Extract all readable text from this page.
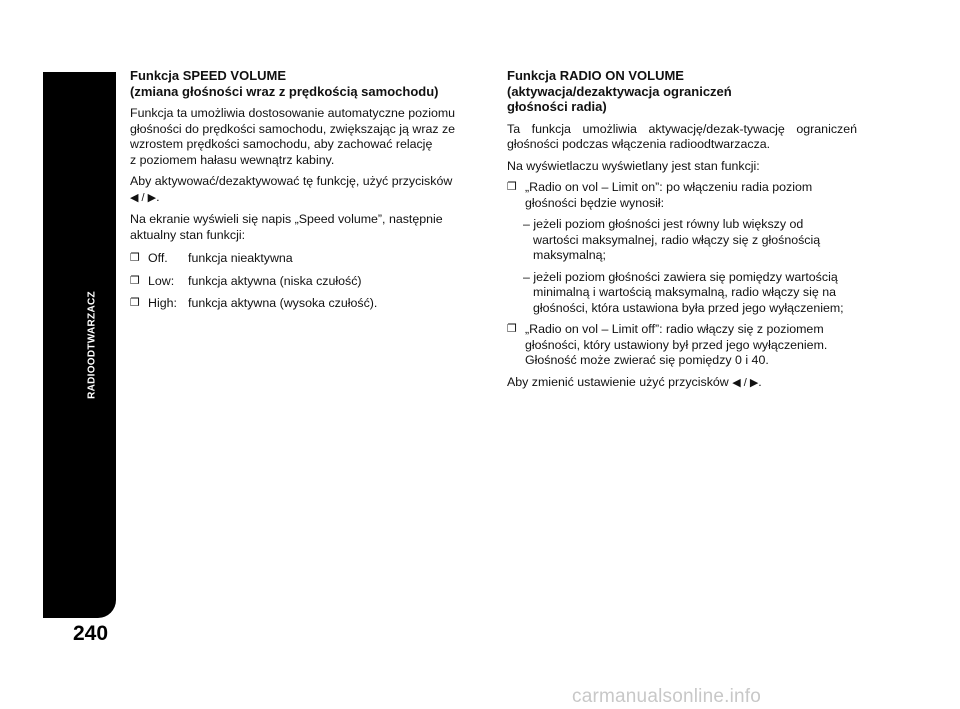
RADIOODTWARZACZ
240
Funkcja SPEED VOLUME
(zmiana głośności wraz z prędkością samochodu)
Funkcja ta umożliwia dostosowanie automatyczne poziomu
głośności do prędkości samochodu, zwiększając ją wraz ze
wzrostem prędkości samochodu, aby zachować relację
z poziomem hałasu wewnątrz kabiny.
Aby aktywować/dezaktywować tę funkcję, użyć przycisków
◀ / ▶.
Na ekranie wyświeli się napis „Speed volume”, następnie
aktualny stan funkcji:
❐ Off.	funkcja nieaktywna
❐ Low:	funkcja aktywna (niska czułość)
❐ High: funkcja aktywna (wysoka czułość).
Funkcja RADIO ON VOLUME
(aktywacja/dezaktywacja ograniczeń
głośności radia)
Ta funkcja umożliwia aktywację/dezak-tywację ograniczeń
głośności podczas włączenia radioodtwarzacza.
Na wyświetlaczu wyświetlany jest stan funkcji:
❐ „Radio on vol – Limit on”: po włączeniu radia poziom
głośności będzie wynosił:
– jeżeli poziom głośności jest równy lub większy od
wartości maksymalnej, radio włączy się z głośnością
maksymalną;
– jeżeli poziom głośności zawiera się pomiędzy wartością
minimalną i wartością maksymalną, radio włączy się na
głośności, która ustawiona była przed jego wyłączeniem;
❐ „Radio on vol – Limit off”: radio włączy się z poziomem
głośności, który ustawiony był przed jego wyłączeniem.
Głośność może zwierać się pomiędzy 0 i 40.
Aby zmienić ustawienie użyć przycisków ◀ / ▶.
carmanualsonline.info
